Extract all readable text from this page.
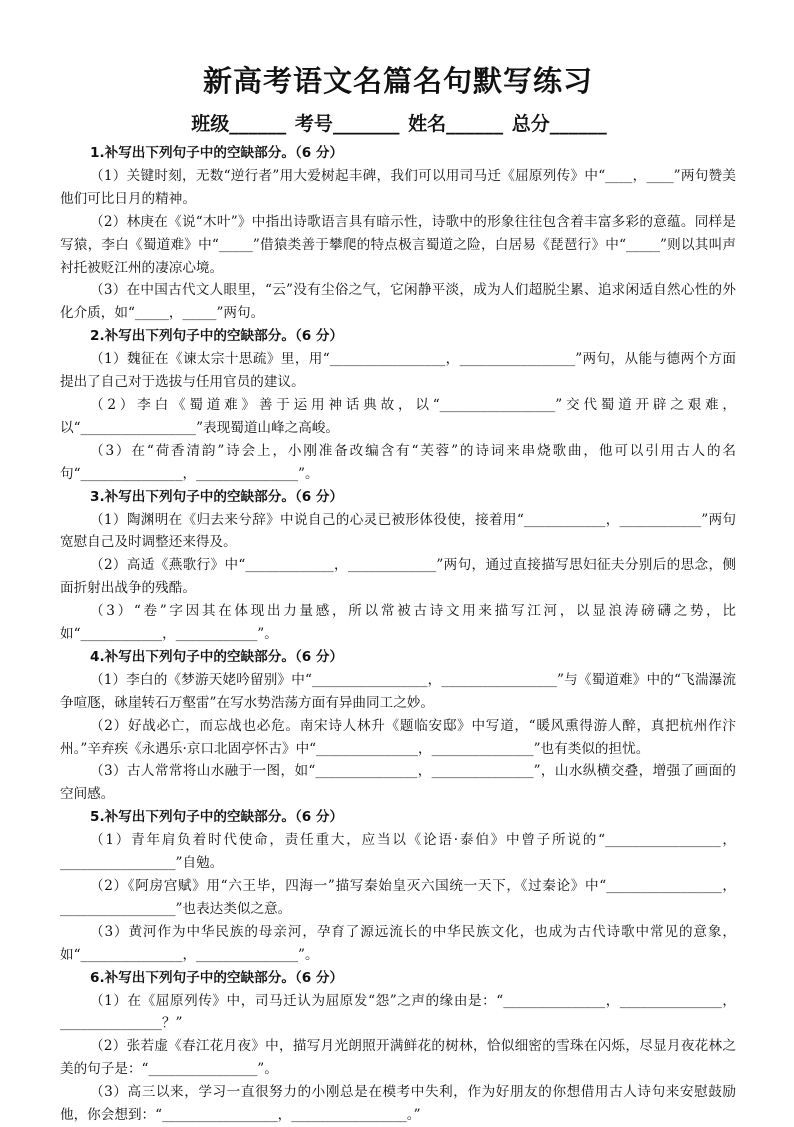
新高考语文名篇名句默写练习
班级______ 考号_______ 姓名______ 总分______
1.补写出下列句子中的空缺部分。（6 分）
（1）关键时刻，无数“逆行者”用大爱树起丰碑，我们可以用司马迁《屈原列传》中“____，____”两句赞美他们可比日月的精神。
（2）林庚在《说“木叶”》中指出诗歌语言具有暗示性，诗歌中的形象往往包含着丰富多彩的意蕴。同样是写猿，李白《蜀道难》中“_____”借猿类善于攀爬的特点极言蜀道之险，白居易《琵琶行》中“_____”则以其叫声衬托被贬江州的凄凉心境。
（3）在中国古代文人眼里，“云”没有尘俗之气，它闲静平淡，成为人们超脱尘累、追求闲适自然心性的外化介质，如“_____，_____”两句。
2.补写出下列句子中的空缺部分。（6 分）
（1）魏征在《谏太宗十思疏》里，用“_________________，_________________”两句，从能与德两个方面提出了自己对于选拔与任用官员的建议。
（2）李白《蜀道难》善于运用神话典故，以“_________________”交代蜀道开辟之艰难，以“_________________”表现蜀道山峰之高峻。
（3）在“荷香清韵”诗会上，小刚准备改编含有“芙蓉”的诗词来串烧歌曲，他可以引用古人的名句“_______________，_______________”。
3.补写出下列句子中的空缺部分。（6 分）
（1）陶渊明在《归去来兮辞》中说自己的心灵已被形体役使，接着用“____________，____________”两句宽慰自己及时调整还来得及。
（2）高适《燕歌行》中“_____________，_____________”两句，通过直接描写思妇征夫分别后的思念，侧面折射出战争的残酷。
（3）“卷”字因其在体现出力量感，所以常被古诗文用来描写江河，以显浪涛磅礴之势，比如“____________，____________”。
4.补写出下列句子中的空缺部分。（6 分）
（1）李白的《梦游天姥吟留别》中“_________________，_________________”与《蜀道难》中的“飞湍瀑流争喧豗，砯崖转石万壑雷”在写水势浩荡方面有异曲同工之妙。
（2）好战必亡，而忘战也必危。南宋诗人林升《题临安邸》中写道，“暖风熏得游人醉，真把杭州作汴州。”辛弃疾《永遇乐·京口北固亭怀古》中“_______________，_______________”也有类似的担忧。
（3）古人常常将山水融于一图，如“_______________，_______________”，山水纵横交叠，增强了画面的空间感。
5.补写出下列句子中的空缺部分。（6 分）
（1）青年肩负着时代使命，责任重大，应当以《论语·泰伯》中曾子所说的“_________________，_________________”自勉。
（2）《阿房宫赋》用“六王毕，四海一”描写秦始皇灭六国统一天下，《过秦论》中“_________________，_________________”也表达类似之意。
（3）黄河作为中华民族的母亲河，孕育了源远流长的中华民族文化，也成为古代诗歌中常见的意象，如“_______________，_______________”。
6.补写出下列句子中的空缺部分。（6 分）
（1）在《屈原列传》中，司马迁认为屈原发“怨”之声的缘由是：“_______________，_______________，_______________？”
（2）张若虚《春江花月夜》中，描写月光朗照开满鲜花的树林，恰似细密的雪珠在闪烁，尽显月夜花林之美的句子是：“________________”。
（3）高三以来，学习一直很努力的小刚总是在模考中失利，作为好朋友的你想借用古人诗句来安慰鼓励他，你会想到：“_________________，_________________。”
